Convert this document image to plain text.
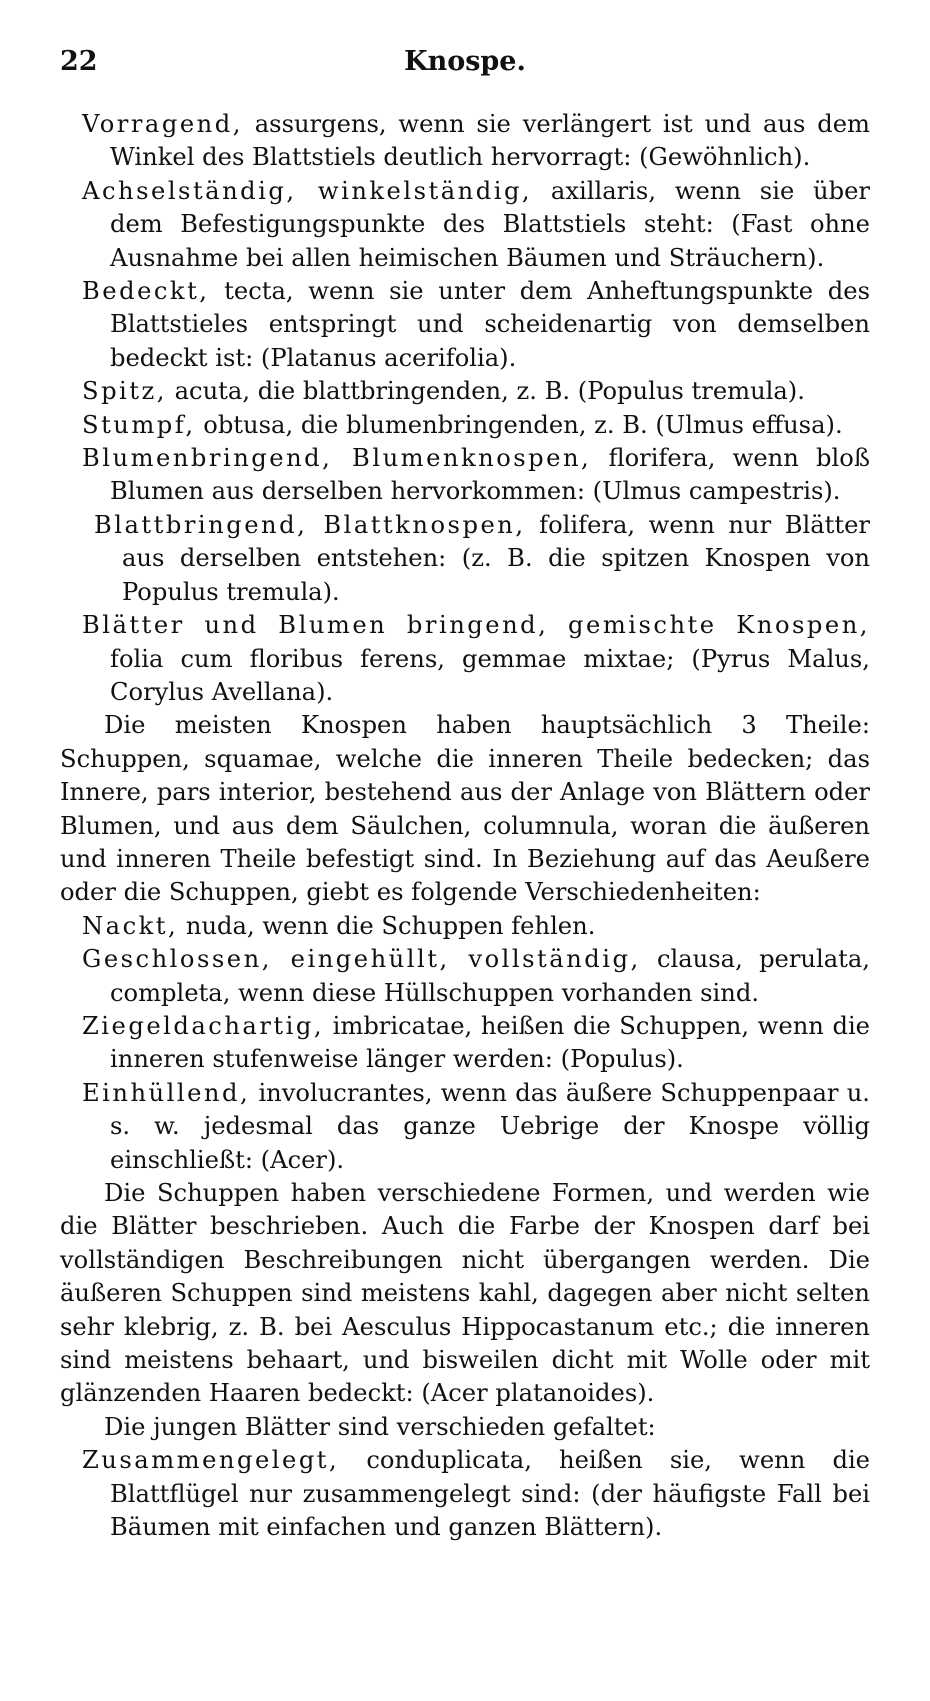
22	Knospe.

Vorragend, assurgens, wenn sie verlängert ist und aus dem Winkel des Blattstiels deutlich hervorragt: (Gewöhnlich).

Achselständig, winkelständig, axillaris, wenn sie über dem Befestigungspunkte des Blattstiels steht: (Fast ohne Ausnahme bei allen heimischen Bäumen und Sträuchern).

Bedeckt, tecta, wenn sie unter dem Anheftungspunkte des Blattstieles entspringt und scheidenartig von demselben bedeckt ist: (Platanus acerifolia).

Spitz, acuta, die blattbringenden, z. B. (Populus tremula).

Stumpf, obtusa, die blumenbringenden, z. B. (Ulmus effusa).

Blumenbringend, Blumenknospen, florifera, wenn bloß Blumen aus derselben hervorkommen: (Ulmus campestris).

Blattbringend, Blattknospen, folifera, wenn nur Blätter aus derselben entstehen: (z. B. die spitzen Knospen von Populus tremula).

Blätter und Blumen bringend, gemischte Knospen, folia cum floribus ferens, gemmae mixtae; (Pyrus Malus, Corylus Avellana).

Die meisten Knospen haben hauptsächlich 3 Theile: Schuppen, squamae, welche die inneren Theile bedecken; das Innere, pars interior, bestehend aus der Anlage von Blättern oder Blumen, und aus dem Säulchen, columnula, woran die äußeren und inneren Theile befestigt sind. In Beziehung auf das Aeußere oder die Schuppen, giebt es folgende Verschiedenheiten:

Nackt, nuda, wenn die Schuppen fehlen.

Geschlossen, eingehüllt, vollständig, clausa, perulata, completa, wenn diese Hüllschuppen vorhanden sind.

Ziegeldachartig, imbricatae, heißen die Schuppen, wenn die inneren stufenweise länger werden: (Populus).

Einhüllend, involucrantes, wenn das äußere Schuppenpaar u. s. w. jedesmal das ganze Uebrige der Knospe völlig einschließt: (Acer).

Die Schuppen haben verschiedene Formen, und werden wie die Blätter beschrieben. Auch die Farbe der Knospen darf bei vollständigen Beschreibungen nicht übergangen werden. Die äußeren Schuppen sind meistens kahl, dagegen aber nicht selten sehr klebrig, z. B. bei Aesculus Hippocastanum etc.; die inneren sind meistens behaart, und bisweilen dicht mit Wolle oder mit glänzenden Haaren bedeckt: (Acer platanoides).

Die jungen Blätter sind verschieden gefaltet:

Zusammengelegt, conduplicata, heißen sie, wenn die Blattflügel nur zusammengelegt sind: (der häufigste Fall bei Bäumen mit einfachen und ganzen Blättern).
